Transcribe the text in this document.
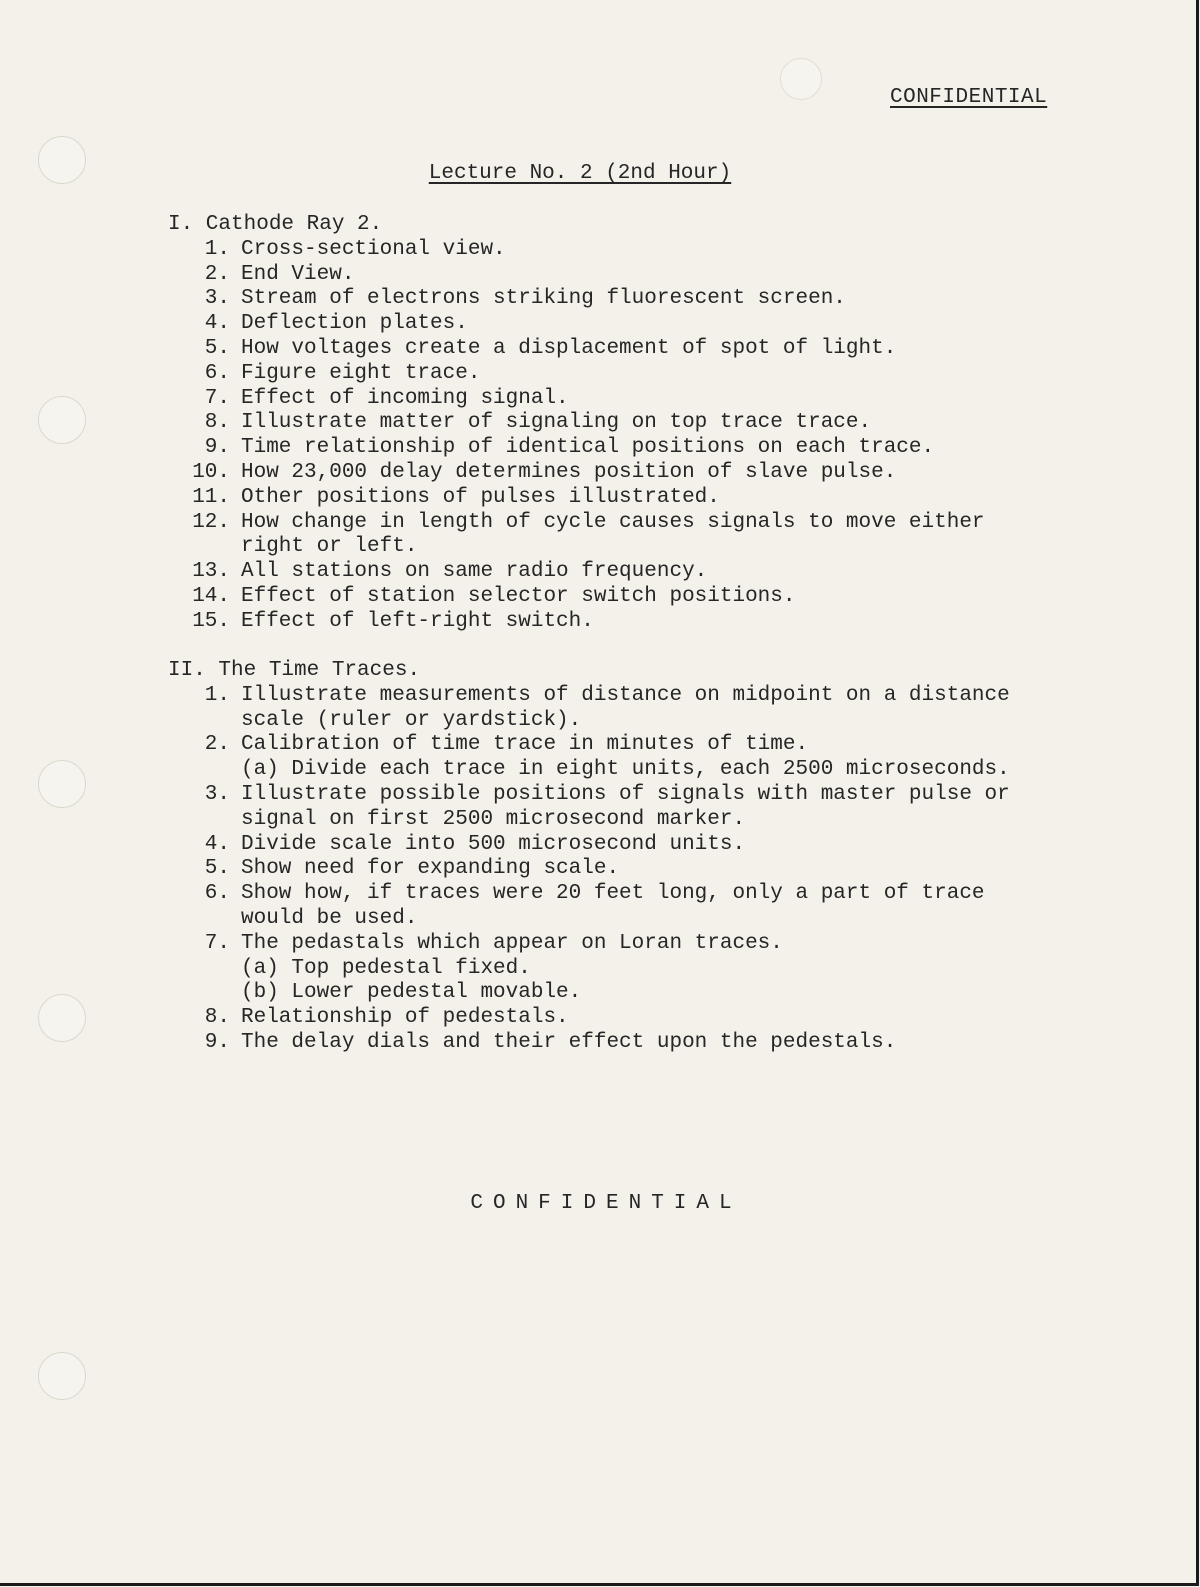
CONFIDENTIAL
Lecture No. 2 (2nd Hour)
I. Cathode Ray 2.
1. Cross-sectional view.
2. End View.
3. Stream of electrons striking fluorescent screen.
4. Deflection plates.
5. How voltages create a displacement of spot of light.
6. Figure eight trace.
7. Effect of incoming signal.
8. Illustrate matter of signaling on top trace trace.
9. Time relationship of identical positions on each trace.
10. How 23,000 delay determines position of slave pulse.
11. Other positions of pulses illustrated.
12. How change in length of cycle causes signals to move either
right or left.
13. All stations on same radio frequency.
14. Effect of station selector switch positions.
15. Effect of left-right switch.
II. The Time Traces.
1. Illustrate measurements of distance on midpoint on a distance
scale (ruler or yardstick).
2. Calibration of time trace in minutes of time.
(a) Divide each trace in eight units, each 2500 microseconds.
3. Illustrate possible positions of signals with master pulse or
signal on first 2500 microsecond marker.
4. Divide scale into 500 microsecond units.
5. Show need for expanding scale.
6. Show how, if traces were 20 feet long, only a part of trace
would be used.
7. The pedastals which appear on Loran traces.
(a) Top pedestal fixed.
(b) Lower pedestal movable.
8. Relationship of pedestals.
9. The delay dials and their effect upon the pedestals.
CONFIDENTIAL
